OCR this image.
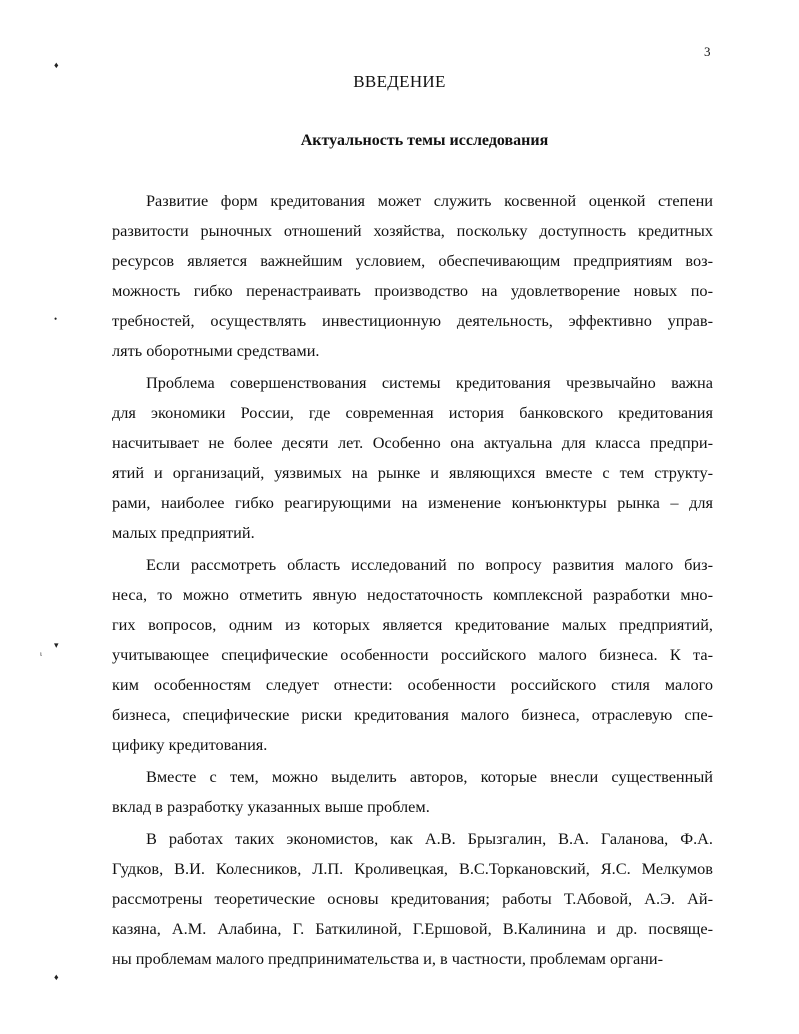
3
ВВЕДЕНИЕ
Актуальность темы исследования
♦
•
▾
ι
♦
Развитие форм кредитования может служить косвенной оценкой степени
развитости рыночных отношений хозяйства, поскольку доступность кредитных
ресурсов является важнейшим условием, обеспечивающим предприятиям воз-
можность гибко перенастраивать производство на удовлетворение новых по-
требностей, осуществлять инвестиционную деятельность, эффективно управ-
лять оборотными средствами.
Проблема совершенствования системы кредитования чрезвычайно важна
для экономики России, где современная история банковского кредитования
насчитывает не более десяти лет. Особенно она актуальна для класса предпри-
ятий и организаций, уязвимых на рынке и являющихся вместе с тем структу-
рами, наиболее гибко реагирующими на изменение конъюнктуры рынка – для
малых предприятий.
Если рассмотреть область исследований по вопросу развития малого биз-
неса, то можно отметить явную недостаточность комплексной разработки мно-
гих вопросов, одним из которых является кредитование малых предприятий,
учитывающее специфические особенности российского малого бизнеса. К та-
ким особенностям следует отнести: особенности российского стиля малого
бизнеса, специфические риски кредитования малого бизнеса, отраслевую спе-
цифику кредитования.
Вместе с тем, можно выделить авторов, которые внесли существенный
вклад в разработку указанных выше проблем.
В работах таких экономистов, как А.В. Брызгалин, В.А. Галанова, Ф.А.
Гудков, В.И. Колесников, Л.П. Кроливецкая, В.С.Торкановский, Я.С. Мелкумов
рассмотрены теоретические основы кредитования; работы Т.Абовой, А.Э. Ай-
казяна, А.М. Алабина, Г. Баткилиной, Г.Ершовой, В.Калинина и др. посвяще-
ны проблемам малого предпринимательства и, в частности, проблемам органи-
